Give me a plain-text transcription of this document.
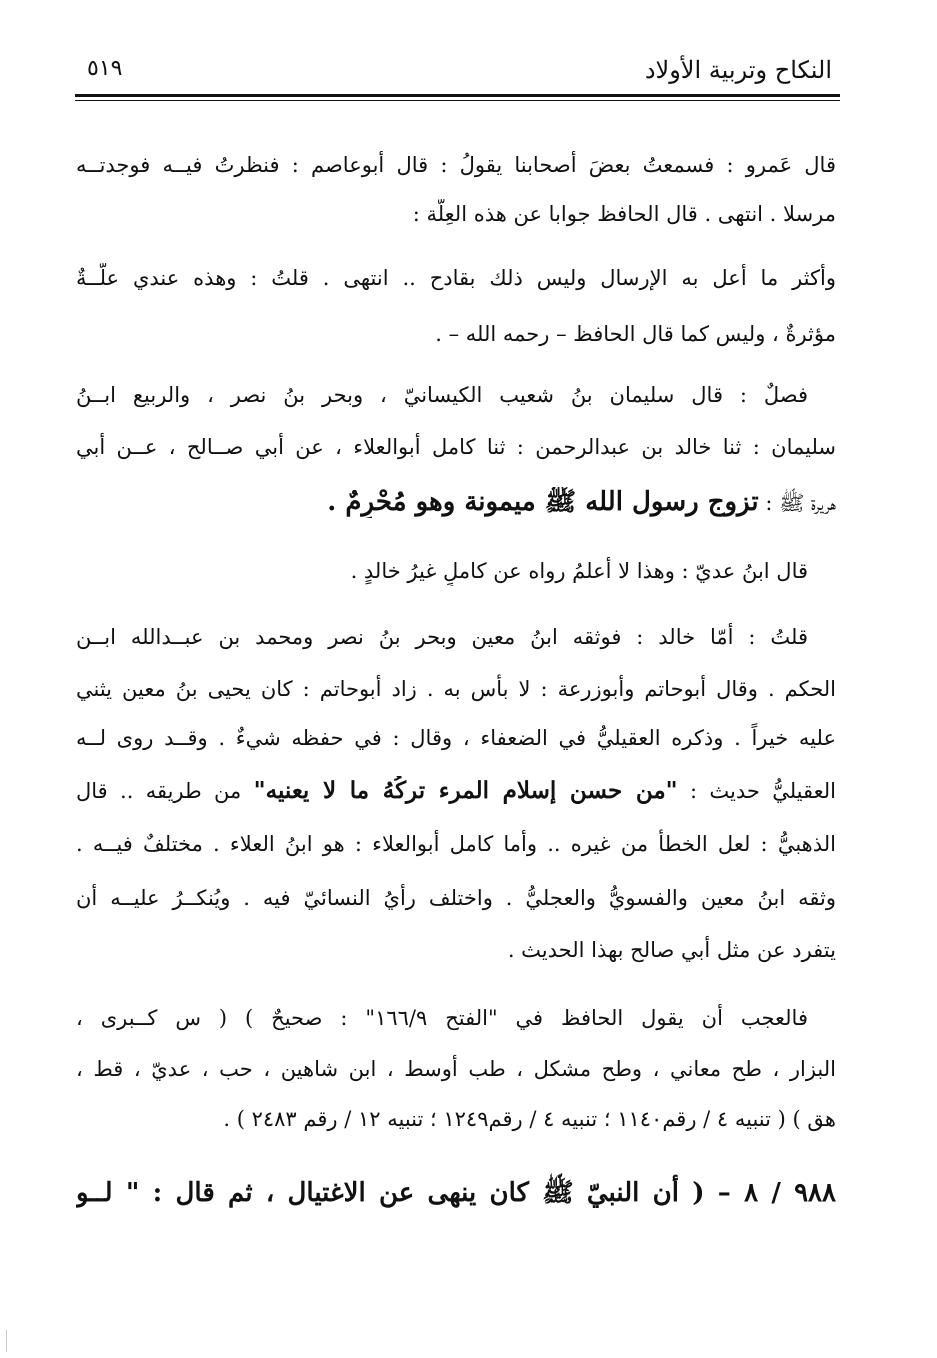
النكاح وتربية الأولاد
٥١٩
قال عَمرو : فسمعتُ بعضَ أصحابنا يقولُ : قال أبوعاصم : فنظرتُ فيــه فوجدتــه
مرسلا . انتهى . قال الحافظ جوابا عن هذه العِلّة :
وأكثر ما أعل به الإرسال وليس ذلك بقادح .. انتهى . قلتُ : وهذه عندي علّــةٌ
مؤثرةٌ ، وليس كما قال الحافظ – رحمه الله – .
فصلٌ : قال سليمان بنُ شعيب الكيسانيّ ، وبحر بنُ نصر ، والربيع ابــنُ
سليمان : ثنا خالد بن عبدالرحمن : ثنا كامل أبوالعلاء ، عن أبي صــالح ، عــن أبي
هريرة ﷺ : تزوج رسول الله ﷺ ميمونة وهو مُحْرِمٌ .
قال ابنُ عديّ : وهذا لا أعلمُ رواه عن كاملٍ غيرُ خالدٍ .
قلتُ : أمّا خالد : فوثقه ابنُ معين وبحر بنُ نصر ومحمد بن عبــدالله ابــن
الحكم . وقال أبوحاتم وأبوزرعة : لا بأس به . زاد أبوحاتم : كان يحيى بنُ معين يثني
عليه خيراً . وذكره العقيليُّ في الضعفاء ، وقال : في حفظه شيءٌ . وقــد روى لــه
العقيليُّ حديث : "من حسن إسلام المرء تركُهُ ما لا يعنيه" من طريقه .. قال
الذهبيُّ : لعل الخطأ من غيره .. وأما كامل أبوالعلاء : هو ابنُ العلاء . مختلفٌ فيــه .
وثقه ابنُ معين والفسويُّ والعجليُّ . واختلف رأيُ النسائيّ فيه . ويُنكــرُ عليــه أن
يتفرد عن مثل أبي صالح بهذا الحديث .
فالعجب أن يقول الحافظ في "الفتح ١٦٦/٩" : صحيحٌ ) ( س كــبرى ،
البزار ، طح معاني ، وطح مشكل ، طب أوسط ، ابن شاهين ، حب ، عديّ ، قط ،
هق ) ( تنبيه ٤ / رقم١١٤٠ ؛ تنبيه ٤ / رقم١٢٤٩ ؛ تنبيه ١٢ / رقم ٢٤٨٣ ) .
٩٨٨ / ٨ – ( أن النبيّ ﷺ كان ينهى عن الاغتيال ، ثم قال : " لــو
